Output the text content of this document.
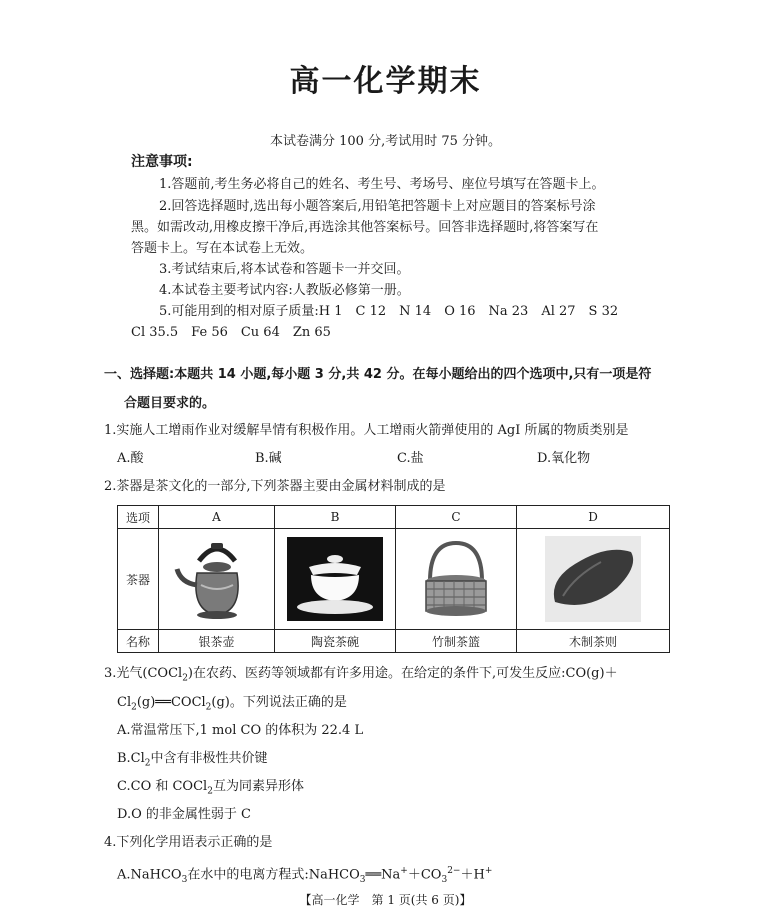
高一化学期末
本试卷满分 100 分,考试用时 75 分钟。
注意事项:
1.答题前,考生务必将自己的姓名、考生号、考场号、座位号填写在答题卡上。
2.回答选择题时,选出每小题答案后,用铅笔把答题卡上对应题目的答案标号涂
黑。如需改动,用橡皮擦干净后,再选涂其他答案标号。回答非选择题时,将答案写在
答题卡上。写在本试卷上无效。
3.考试结束后,将本试卷和答题卡一并交回。
4.本试卷主要考试内容:人教版必修第一册。
5.可能用到的相对原子质量:H 1　C 12　N 14　O 16　Na 23　Al 27　S 32
Cl 35.5　Fe 56　Cu 64　Zn 65
一、选择题:本题共 14 小题,每小题 3 分,共 42 分。在每小题给出的四个选项中,只有一项是符
合题目要求的。
1.实施人工增雨作业对缓解旱情有积极作用。人工增雨火箭弹使用的 AgI 所属的物质类别是
A.酸	B.碱	C.盐	D.氧化物
2.茶器是茶文化的一部分,下列茶器主要由金属材料制成的是
选项	A	B	C	D
茶器	

名称	银茶壶	陶瓷茶碗	竹制茶篮	木制茶则
3.光气(COCl$_2$)在农药、医药等领域都有许多用途。在给定的条件下,可发生反应:CO(g)＋
$Cl_2(g)══COCl_2(g)$。下列说法正确的是
A.常温常压下,1 mol CO 的体积为 22.4 L
$B.Cl_2$中含有非极性共价键
C.CO 和 COCl$_2$互为同素异形体
D.O 的非金属性弱于 C
4.下列化学用语表示正确的是
A.NaHCO$_3$在水中的电离方程式$:NaHCO_3══Na^++CO_3^{2-}+H^+$
【高一化学　第 1 页(共 6 页)】
